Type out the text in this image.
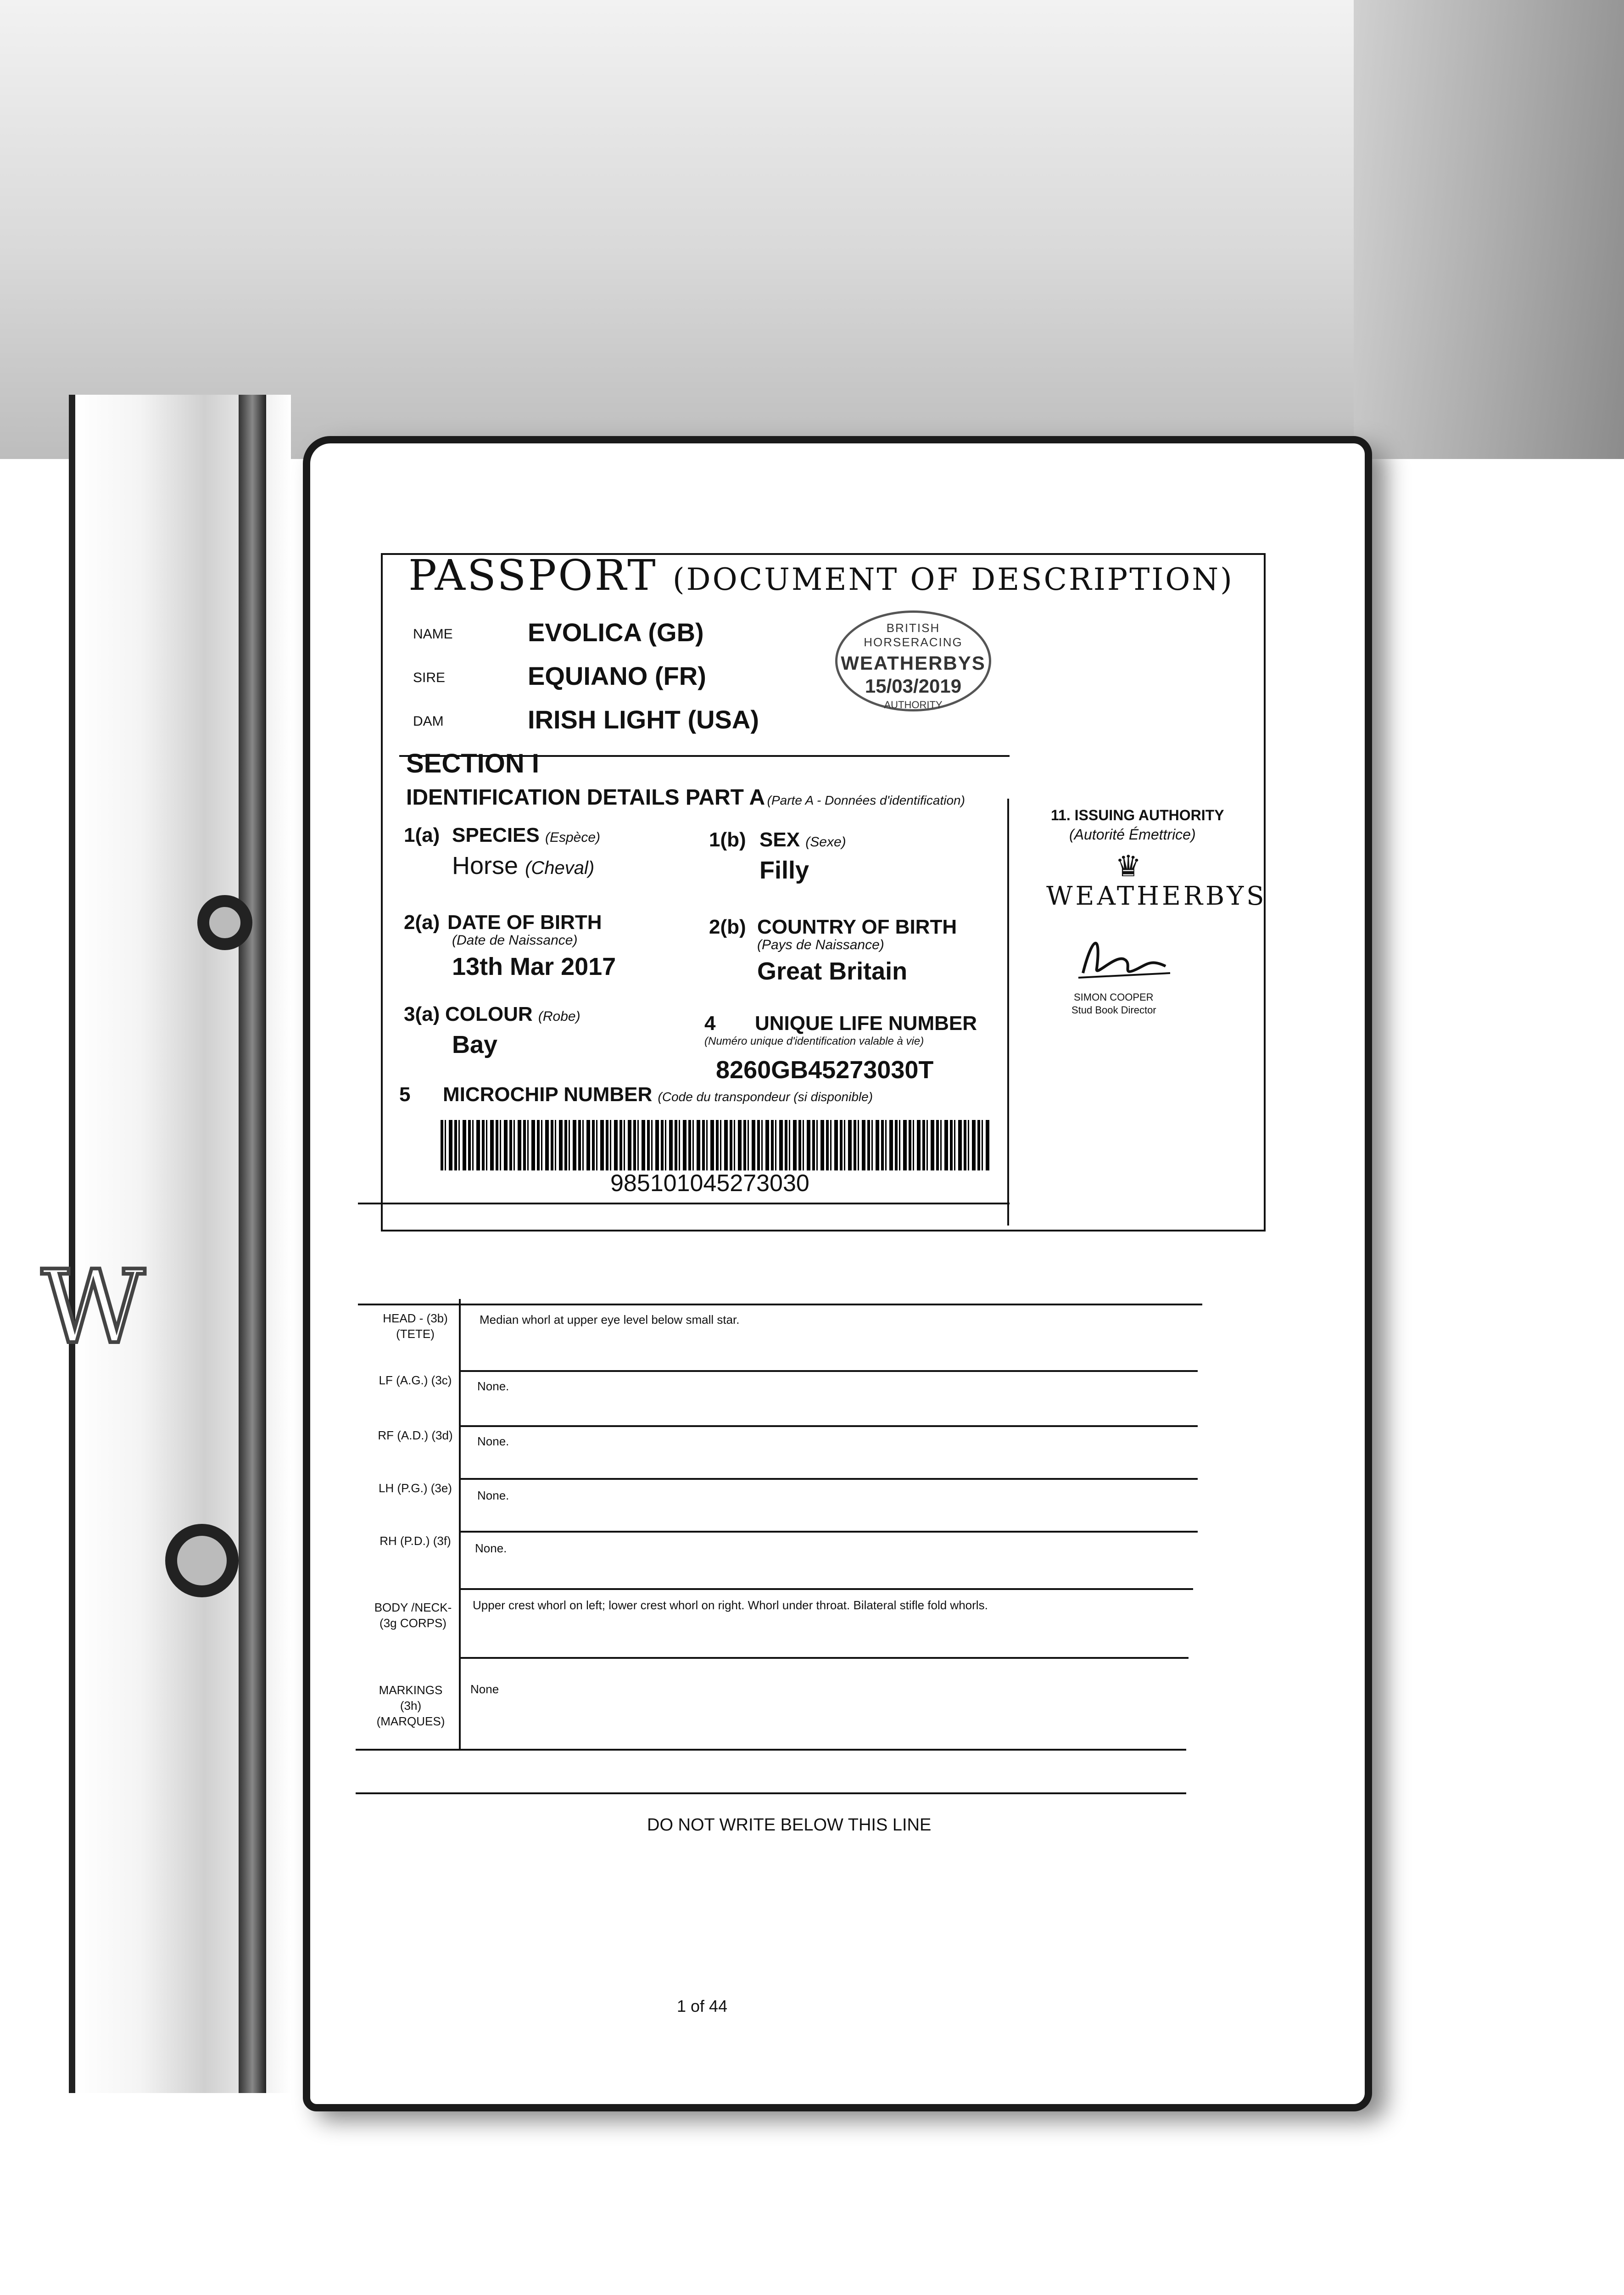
W
PASSPORT (DOCUMENT OF DESCRIPTION)
NAME	EVOLICA (GB)
SIRE	EQUIANO (FR)
DAM	IRISH LIGHT (USA)
BRITISH HORSERACING
WEATHERBYS
15/03/2019
AUTHORITY
SECTION I
IDENTIFICATION DETAILS PART A (Parte A - Données d'identification)
11. ISSUING AUTHORITY
(Autorité Émettrice)
♛
WEATHERBYS
SIMON COOPER
Stud Book Director
1(a) SPECIES (Espèce)
Horse (Cheval)
1(b) SEX (Sexe)
Filly
2(a) DATE OF BIRTH
(Date de Naissance)
13th Mar 2017
2(b) COUNTRY OF BIRTH
(Pays de Naissance)
Great Britain
3(a) COLOUR (Robe)
Bay
4 UNIQUE LIFE NUMBER
(Numéro unique d'identification valable à vie)
8260GB45273030T
5 MICROCHIP NUMBER (Code du transpondeur (si disponible)
985101045273030
HEAD - (3b) (TETE)
Median whorl at upper eye level below small star.
LF (A.G.) (3c) None.
RF (A.D.) (3d) None.
LH (P.G.) (3e)
None.
RH (P.D.) (3f)
None.
BODY /NECK- (3g CORPS)
Upper crest whorl on left; lower crest whorl on right. Whorl under throat. Bilateral stifle fold whorls.
MARKINGS (3h) (MARQUES)
None
DO NOT WRITE BELOW THIS LINE
1 of 44
